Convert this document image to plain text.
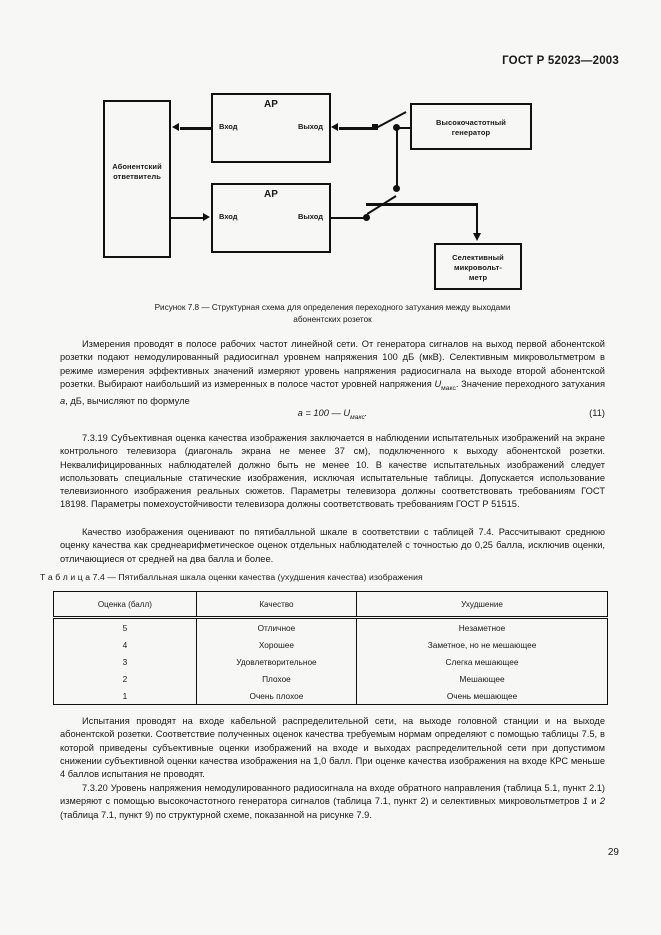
ГОСТ Р 52023—2003
Абонентский
ответвитель
АР
Вход	Выход
АР
Вход	Выход
Высокочастотный
генератор
Селективный
микровольт-
метр
Рисунок 7.8 — Структурная схема для определения переходного затухания между выходами
абонентских розеток

Измерения проводят в полосе рабочих частот линейной сети. От генератора сигналов на выход первой абонентской розетки подают немодулированный радиосигнал уровнем напряжения 100 дБ (мкВ). Селективным микровольтметром в режиме измерения эффективных значений измеряют уровень напряжения радиосигнала на выходе второй абонентской розетки. Выбирают наибольший из измеренных в полосе частот уровней напряжения $U_{макс}$. Значение переходного затухания a, дБ, вычисляют по формуле

a = 100 — $U_{макс}$.	(11)

7.3.19 Субъективная оценка качества изображения заключается в наблюдении испытательных изображений на экране контрольного телевизора (диагональ экрана не менее 37 см), подключенного к выходу абонентской розетки. Неквалифицированных наблюдателей должно быть не менее 10. В качестве испытательных изображений следует использовать специальные статические изображения, исключая испытательные таблицы. Допускается использование телевизионного изображения реальных сюжетов. Параметры телевизора должны соответствовать требованиям ГОСТ 18198. Параметры помехоустойчивости телевизора должны соответствовать требованиям ГОСТ Р 51515.

Качество изображения оценивают по пятибалльной шкале в соответствии с таблицей 7.4. Рассчитывают среднюю оценку качества как среднеарифметическое оценок отдельных наблюдателей с точностью до 0,25 балла, исключив оценки, отличающиеся от средней на два балла и более.

Т а б л и ц а 7.4 — Пятибалльная шкала оценки качества (ухудшения качества) изображения
Оценка (балл)	Качество	Ухудшение
5	Отличное	Незаметное
4	Хорошее	Заметное, но не мешающее
3	Удовлетворительное	Слегка мешающее
2	Плохое	Мешающее
1	Очень плохое	Очень мешающее

Испытания проводят на входе кабельной распределительной сети, на выходе головной станции и на выходе абонентской розетки. Соответствие полученных оценок качества требуемым нормам определяют с помощью таблицы 7.5, в которой приведены субъективные оценки изображений на входе и выходах распределительной сети при допустимом снижении субъективной оценки качества изображения на 1,0 балл. При оценке качества изображения на входе КРС меньше 4 баллов испытания не проводят.

7.3.20 Уровень напряжения немодулированного радиосигнала на входе обратного направления (таблица 5.1, пункт 2.1) измеряют с помощью высокочастотного генератора сигналов (таблица 7.1, пункт 2) и селективных микровольтметров 1 и 2 (таблица 7.1, пункт 9) по структурной схеме, показанной на рисунке 7.9.

29
